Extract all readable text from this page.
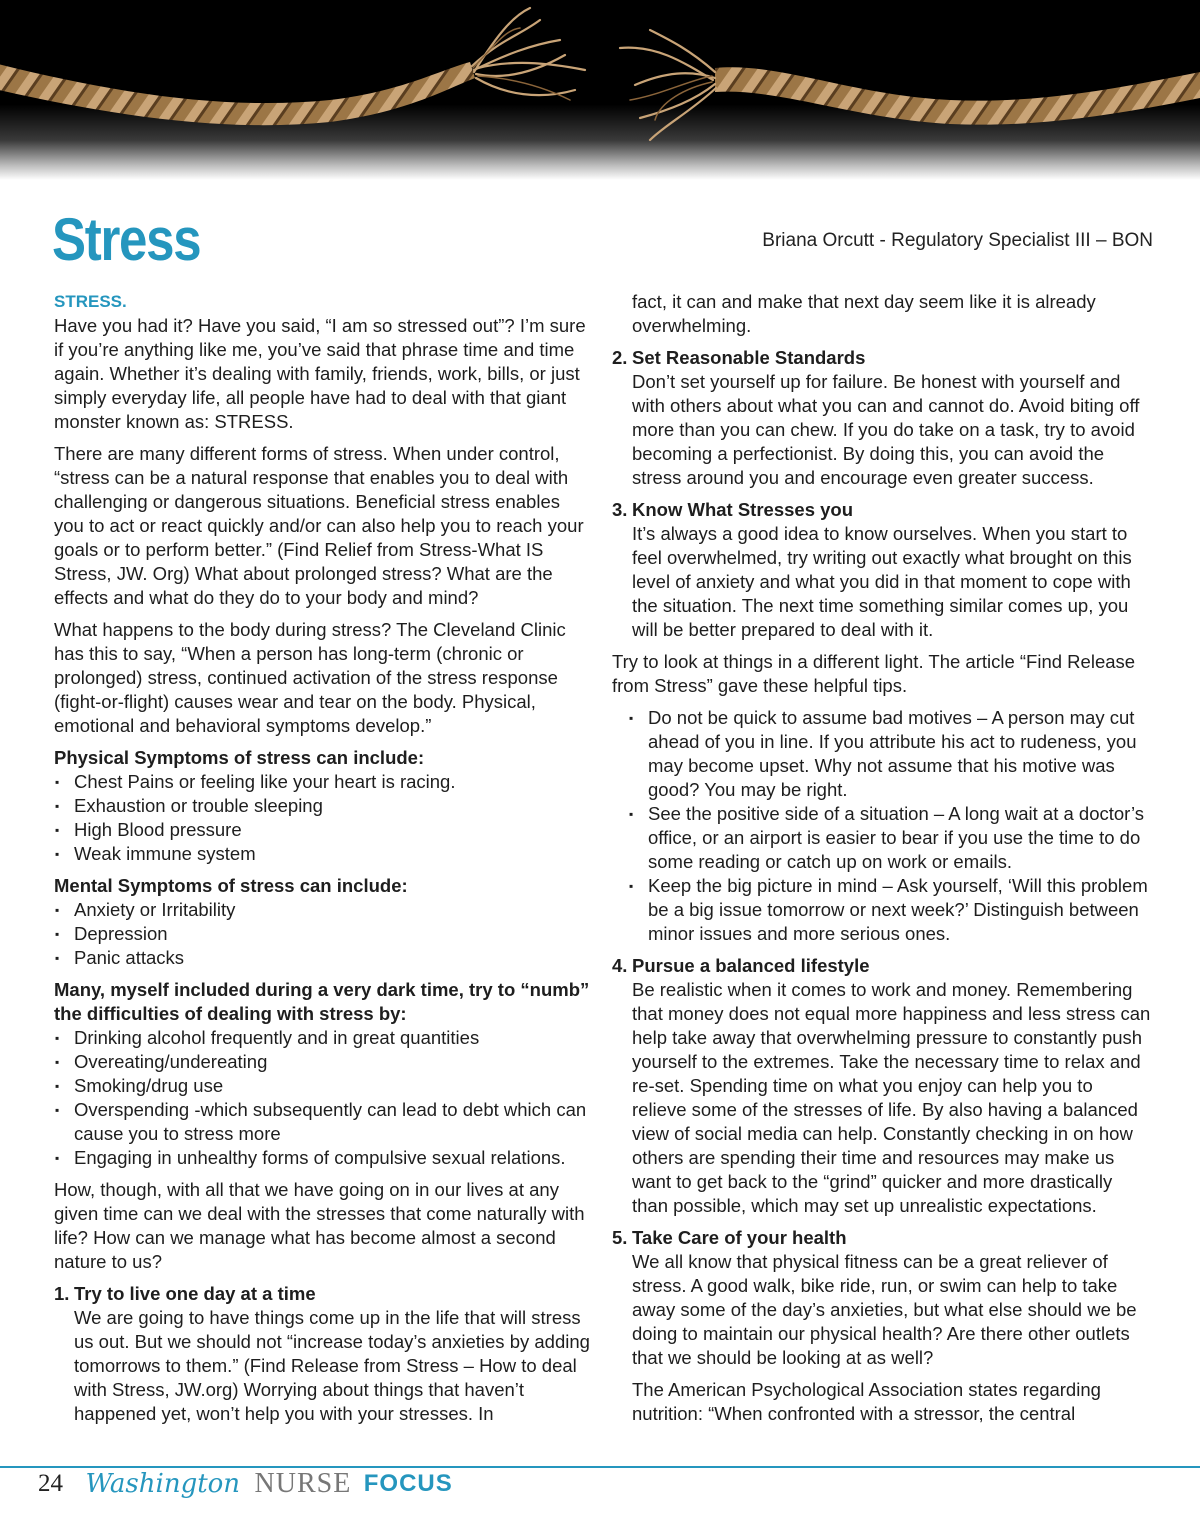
Stress	Briana Orcutt - Regulatory Specialist III – BON
STRESS.

Have you had it? Have you said, “I am so stressed out”? I’m sure if you’re anything like me, you’ve said that phrase time and time again. Whether it’s dealing with family, friends, work, bills, or just simply everyday life, all people have had to deal with that giant monster known as: STRESS.

There are many different forms of stress. When under control, “stress can be a natural response that enables you to deal with challenging or dangerous situations. Beneficial stress enables you to act or react quickly and/or can also help you to reach your goals or to perform better.” (Find Relief from Stress-What IS Stress, JW. Org) What about prolonged stress? What are the effects and what do they do to your body and mind?

What happens to the body during stress? The Cleveland Clinic has this to say, “When a person has long-term (chronic or prolonged) stress, continued activation of the stress response (fight-or-flight) causes wear and tear on the body. Physical, emotional and behavioral symptoms develop.”

Physical Symptoms of stress can include:
▪ Chest Pains or feeling like your heart is racing.
▪ Exhaustion or trouble sleeping
▪ High Blood pressure
▪ Weak immune system
Mental Symptoms of stress can include:
▪ Anxiety or Irritability
▪ Depression
▪ Panic attacks
Many, myself included during a very dark time, try to “numb” the difficulties of dealing with stress by:
▪ Drinking alcohol frequently and in great quantities
▪ Overeating/undereating
▪ Smoking/drug use
▪ Overspending -which subsequently can lead to debt which can cause you to stress more
▪ Engaging in unhealthy forms of compulsive sexual relations.

How, though, with all that we have going on in our lives at any given time can we deal with the stresses that come naturally with life? How can we manage what has become almost a second nature to us?

1. Try to live one day at a time
We are going to have things come up in the life that will stress us out. But we should not “increase today’s anxieties by adding tomorrows to them.” (Find Release from Stress – How to deal with Stress, JW.org) Worrying about things that haven’t happened yet, won’t help you with your stresses. In
fact, it can and make that next day seem like it is already overwhelming.
2. Set Reasonable Standards
Don’t set yourself up for failure. Be honest with yourself and with others about what you can and cannot do. Avoid biting off more than you can chew. If you do take on a task, try to avoid becoming a perfectionist. By doing this, you can avoid the stress around you and encourage even greater success.
3. Know What Stresses you
It’s always a good idea to know ourselves. When you start to feel overwhelmed, try writing out exactly what brought on this level of anxiety and what you did in that moment to cope with the situation. The next time something similar comes up, you will be better prepared to deal with it.

Try to look at things in a different light. The article “Find Release from Stress” gave these helpful tips.

▪ Do not be quick to assume bad motives – A person may cut ahead of you in line. If you attribute his act to rudeness, you may become upset. Why not assume that his motive was good? You may be right.
▪ See the positive side of a situation – A long wait at a doctor’s office, or an airport is easier to bear if you use the time to do some reading or catch up on work or emails.
▪ Keep the big picture in mind – Ask yourself, ‘Will this problem be a big issue tomorrow or next week?’ Distinguish between minor issues and more serious ones.
4. Pursue a balanced lifestyle
Be realistic when it comes to work and money. Remembering that money does not equal more happiness and less stress can help take away that overwhelming pressure to constantly push yourself to the extremes. Take the necessary time to relax and re-set. Spending time on what you enjoy can help you to relieve some of the stresses of life. By also having a balanced view of social media can help. Constantly checking in on how others are spending their time and resources may make us want to get back to the “grind” quicker and more drastically than possible, which may set up unrealistic expectations.
5. Take Care of your health
We all know that physical fitness can be a great reliever of stress. A good walk, bike ride, run, or swim can help to take away some of the day’s anxieties, but what else should we be doing to maintain our physical health? Are there other outlets that we should be looking at as well?
The American Psychological Association states regarding nutrition: “When confronted with a stressor, the central
24 Washington NURSE FOCUS
